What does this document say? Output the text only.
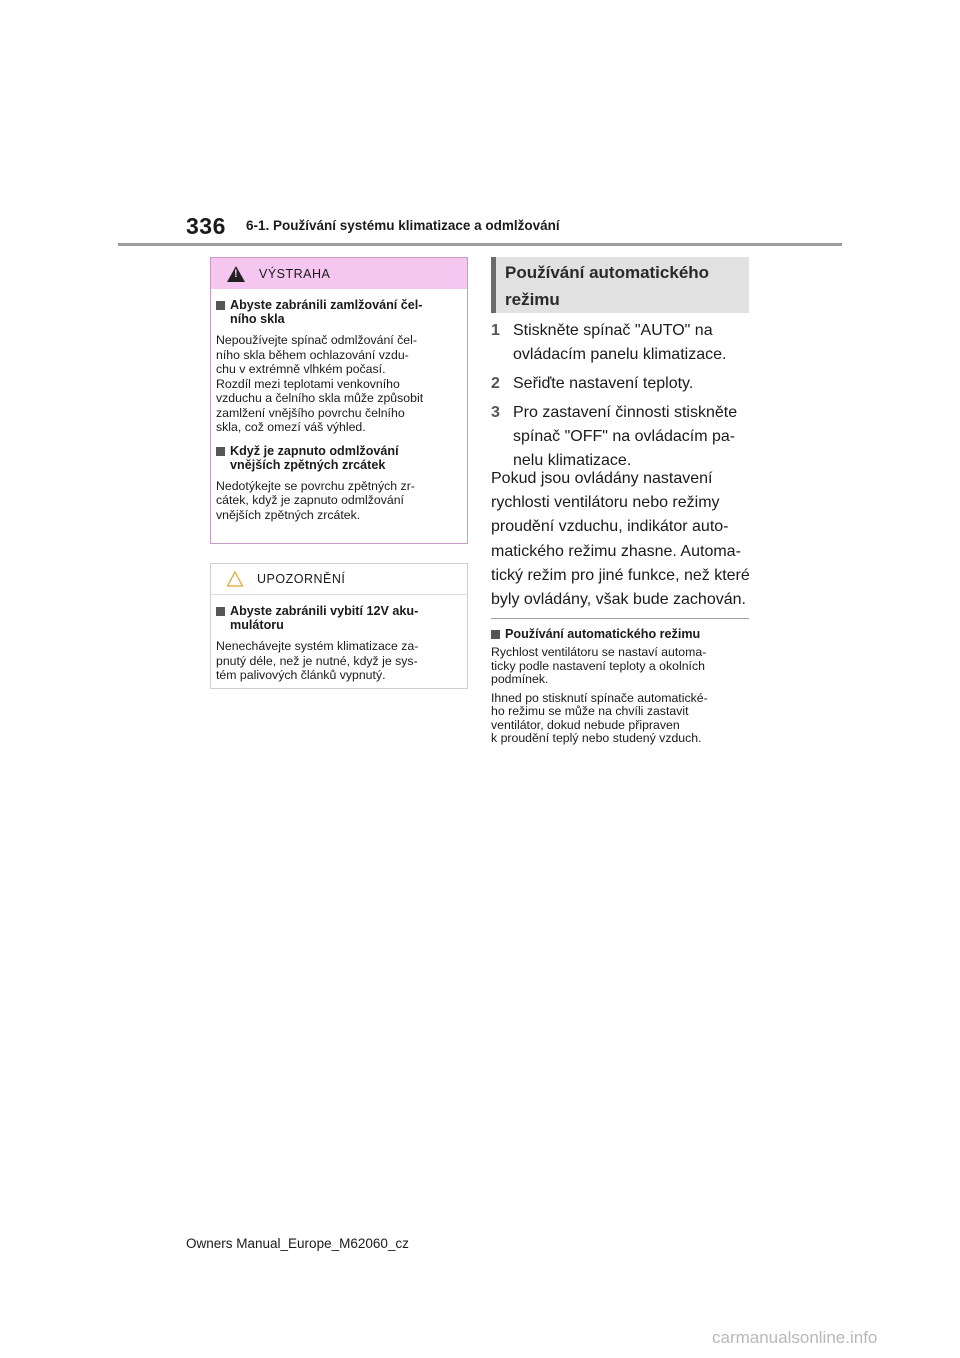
336 6-1. Používání systému klimatizace a odmlžování
!
VÝSTRAHA
Abyste zabránili zamlžování čel-
ního skla
Nepoužívejte spínač odmlžování čel-
ního skla během ochlazování vzdu-
chu v extrémně vlhkém počasí.
Rozdíl mezi teplotami venkovního
vzduchu a čelního skla může způsobit
zamlžení vnějšího povrchu čelního
skla, což omezí váš výhled.
Když je zapnuto odmlžování
vnějších zpětných zrcátek
Nedotýkejte se povrchu zpětných zr-
cátek, když je zapnuto odmlžování
vnějších zpětných zrcátek.
UPOZORNĚNÍ
Abyste zabránili vybití 12V aku-
mulátoru
Nenechávejte systém klimatizace za-
pnutý déle, než je nutné, když je sys-
tém palivových článků vypnutý.
Používání automatického
režimu
1 Stiskněte spínač "AUTO" na
ovládacím panelu klimatizace.
2 Seřiďte nastavení teploty.
3 Pro zastavení činnosti stiskněte
spínač "OFF" na ovládacím pa-
nelu klimatizace.
Pokud jsou ovládány nastavení
rychlosti ventilátoru nebo režimy
proudění vzduchu, indikátor auto-
matického režimu zhasne. Automa-
tický režim pro jiné funkce, než které
byly ovládány, však bude zachován.
Používání automatického režimu
Rychlost ventilátoru se nastaví automa-
ticky podle nastavení teploty a okolních
podmínek.
Ihned po stisknutí spínače automatické-
ho režimu se může na chvíli zastavit
ventilátor, dokud nebude připraven
k proudění teplý nebo studený vzduch.
Owners Manual_Europe_M62060_cz
carmanualsonline.info
